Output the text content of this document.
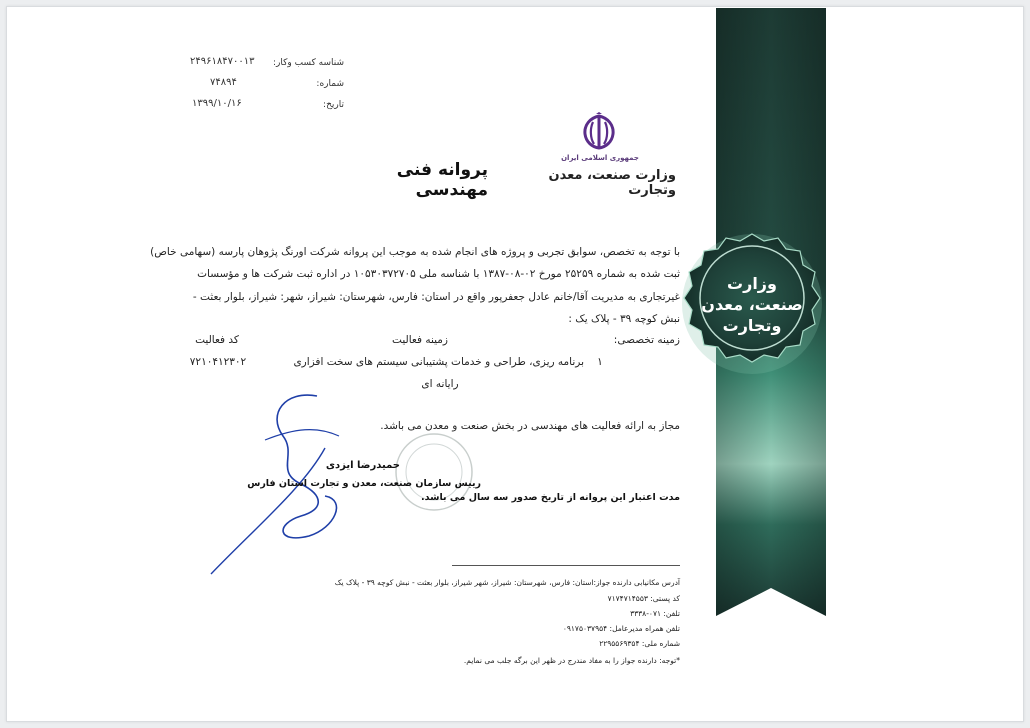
وزارت
صنعت، معدن
وتجارت
شناسه کسب وکار:
۲۴۹۶۱۸۴۷۰۰۱۳
شماره:
۷۴۸۹۴
تاریخ:
۱۳۹۹/۱۰/۱۶
جمهوری اسلامی ایران
وزارت صنعت، معدن وتجارت
پروانه فنی مهندسی
با توجه به تخصص، سوابق تجربی و پروژه های انجام شده به موجب این پروانه شرکت اورنگ پژوهان پارسه (سهامی خاص)
ثبت شده به شماره ۲۵۲۵۹ مورخ ۰۲-۰۸-۱۳۸۷ با شناسه ملی ۱۰۵۳۰۳۷۲۷۰۵ در اداره ثبت شرکت ها و مؤسسات
غیرتجاری به مدیریت آقا/خانم عادل جعفرپور واقع در استان: فارس، شهرستان: شیراز، شهر: شیراز، بلوار بعثت -
نبش کوچه ۳۹ - پلاک یک :
زمینه تخصصی:
زمینه فعالیت
کد فعالیت
۱
برنامه ریزی، طراحی و خدمات پشتیبانی سیستم های سخت افزاری
رایانه ای
۷۲۱۰۴۱۲۳۰۲
مجاز به ارائه فعالیت های مهندسی در بخش صنعت و معدن می باشد.
حمیدرضا ایزدی
رییس سازمان صنعت، معدن و تجارت استان فارس
مدت اعتبار این پروانه از تاریخ صدور سه سال می باشد.
آدرس مکانیابی دارنده جواز:استان: فارس، شهرستان: شیراز، شهر شیراز، بلوار بعثت - نبش کوچه ۳۹ - پلاک یک
کد پستی: ۷۱۷۴۷۱۴۵۵۳
تلفن: ۰۷۱-۳۳۳۸
تلفن همراه مدیرعامل: ۰۹۱۷۵۰۳۷۹۵۴
شماره ملی: ۲۲۹۵۵۶۹۳۵۴
*توجه: دارنده جواز را به مفاد مندرج در ظهر این برگه جلب می نمایم.
